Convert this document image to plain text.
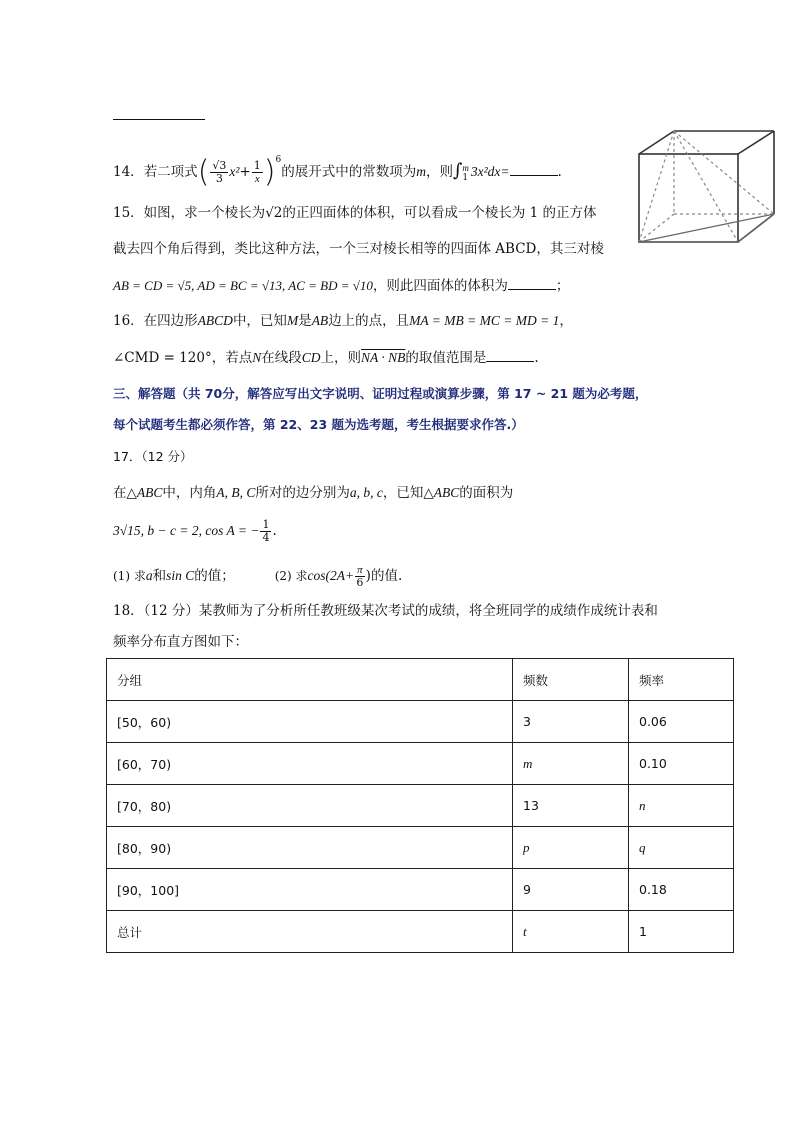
14．若二项式( $\frac{√3}{3} x^2+ \frac{1}{x} )^6$的展开式中的常数项为m，则∫ m
1 3x²dx=	.
15．如图，求一个棱长为√2的正四面体的体积，可以看成一个棱长为 1 的正方体
截去四个角后得到，类比这种方法，一个三对棱长相等的四面体 ABCD，其三对棱
AB = CD = √5, AD = BC = √13, AC = BD = √10，则此四面体的体积为	；
16．在四边形ABCD中，已知M是AB边上的点，且MA = MB = MC = MD = 1，
∠CMD = 120°，若点N在线段CD上，则NA · NB的取值范围是	.
三、解答题（共 70分，解答应写出文字说明、证明过程或演算步骤，第 17 ~ 21 题为必考题，
每个试题考生都必须作答，第 22、23 题为选考题，考生根据要求作答.）
17．（12 分）
在△ABC中，内角A, B, C所对的边分别为a, b, c，已知△ABC的面积为
3√15, b − c = 2, cos A = − $\frac{1}{4}$ .
(1) 求a和sin C的值；	(2) 求$\cos(2A+ \frac{\pi}{6}$ )的值.
18．（12 分）某教师为了分析所任教班级某次考试的成绩，将全班同学的成绩作成统计表和
频率分布直方图如下：
分组	频数	频率
[50，60)	3	0.06
[60，70)	m	0.10
[70，80)	13	n
[80，90)	p	q
[90，100]	9	0.18
总计	t	1
